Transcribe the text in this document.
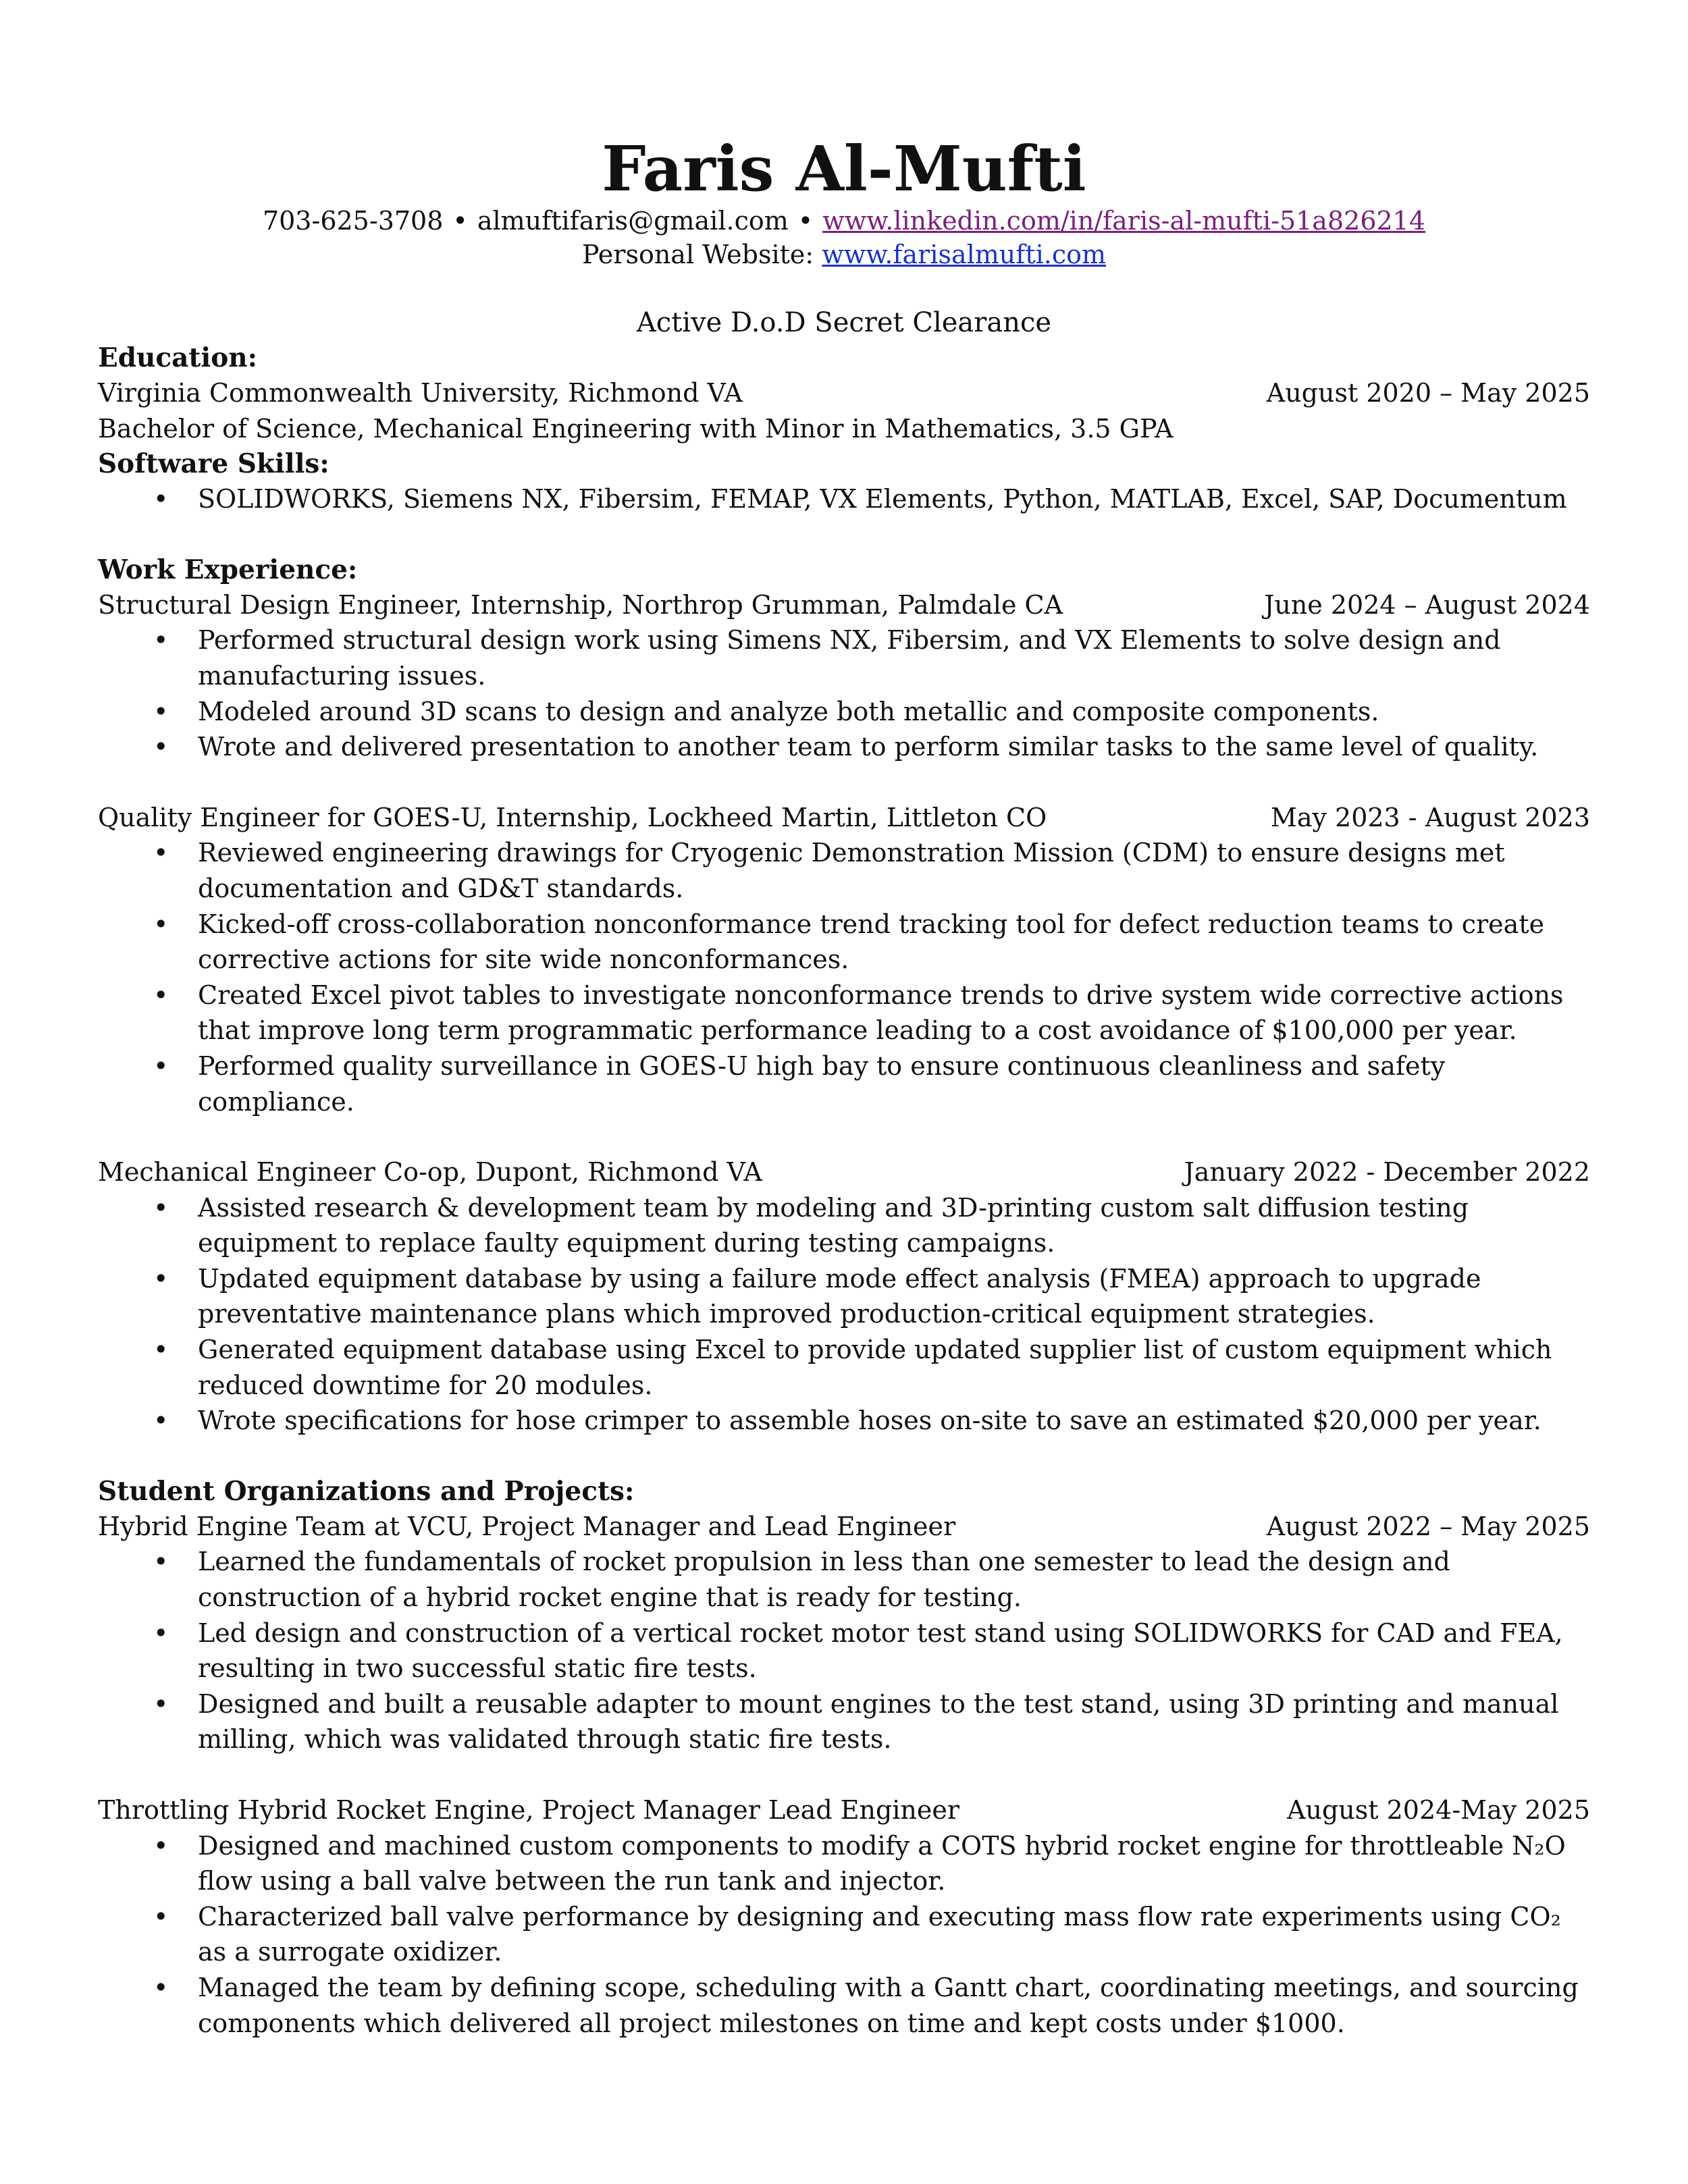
Faris Al-Mufti
703-625-3708 • almuftifaris@gmail.com • www.linkedin.com/in/faris-al-mufti-51a826214
Personal Website: www.farisalmufti.com
Active D.o.D Secret Clearance
Education:
Virginia Commonwealth University, Richmond VA	August 2020 – May 2025
Bachelor of Science, Mechanical Engineering with Minor in Mathematics, 3.5 GPA
Software Skills:
• SOLIDWORKS, Siemens NX, Fibersim, FEMAP, VX Elements, Python, MATLAB, Excel, SAP, Documentum
Work Experience:
Structural Design Engineer, Internship, Northrop Grumman, Palmdale CA	June 2024 – August 2024
• Performed structural design work using Simens NX, Fibersim, and VX Elements to solve design and manufacturing issues.
• Modeled around 3D scans to design and analyze both metallic and composite components.
• Wrote and delivered presentation to another team to perform similar tasks to the same level of quality.
Quality Engineer for GOES-U, Internship, Lockheed Martin, Littleton CO	May 2023 - August 2023
• Reviewed engineering drawings for Cryogenic Demonstration Mission (CDM) to ensure designs met documentation and GD&T standards.
• Kicked-off cross-collaboration nonconformance trend tracking tool for defect reduction teams to create corrective actions for site wide nonconformances.
• Created Excel pivot tables to investigate nonconformance trends to drive system wide corrective actions that improve long term programmatic performance leading to a cost avoidance of $100,000 per year.
• Performed quality surveillance in GOES-U high bay to ensure continuous cleanliness and safety compliance.
Mechanical Engineer Co-op, Dupont, Richmond VA	January 2022 - December 2022
• Assisted research & development team by modeling and 3D-printing custom salt diffusion testing equipment to replace faulty equipment during testing campaigns.
• Updated equipment database by using a failure mode effect analysis (FMEA) approach to upgrade preventative maintenance plans which improved production-critical equipment strategies.
• Generated equipment database using Excel to provide updated supplier list of custom equipment which reduced downtime for 20 modules.
• Wrote specifications for hose crimper to assemble hoses on-site to save an estimated $20,000 per year.
Student Organizations and Projects:
Hybrid Engine Team at VCU, Project Manager and Lead Engineer	August 2022 – May 2025
• Learned the fundamentals of rocket propulsion in less than one semester to lead the design and construction of a hybrid rocket engine that is ready for testing.
• Led design and construction of a vertical rocket motor test stand using SOLIDWORKS for CAD and FEA, resulting in two successful static fire tests.
• Designed and built a reusable adapter to mount engines to the test stand, using 3D printing and manual milling, which was validated through static fire tests.
Throttling Hybrid Rocket Engine, Project Manager Lead Engineer	August 2024-May 2025
• Designed and machined custom components to modify a COTS hybrid rocket engine for throttleable N₂O flow using a ball valve between the run tank and injector.
• Characterized ball valve performance by designing and executing mass flow rate experiments using CO₂ as a surrogate oxidizer.
• Managed the team by defining scope, scheduling with a Gantt chart, coordinating meetings, and sourcing components which delivered all project milestones on time and kept costs under $1000.
